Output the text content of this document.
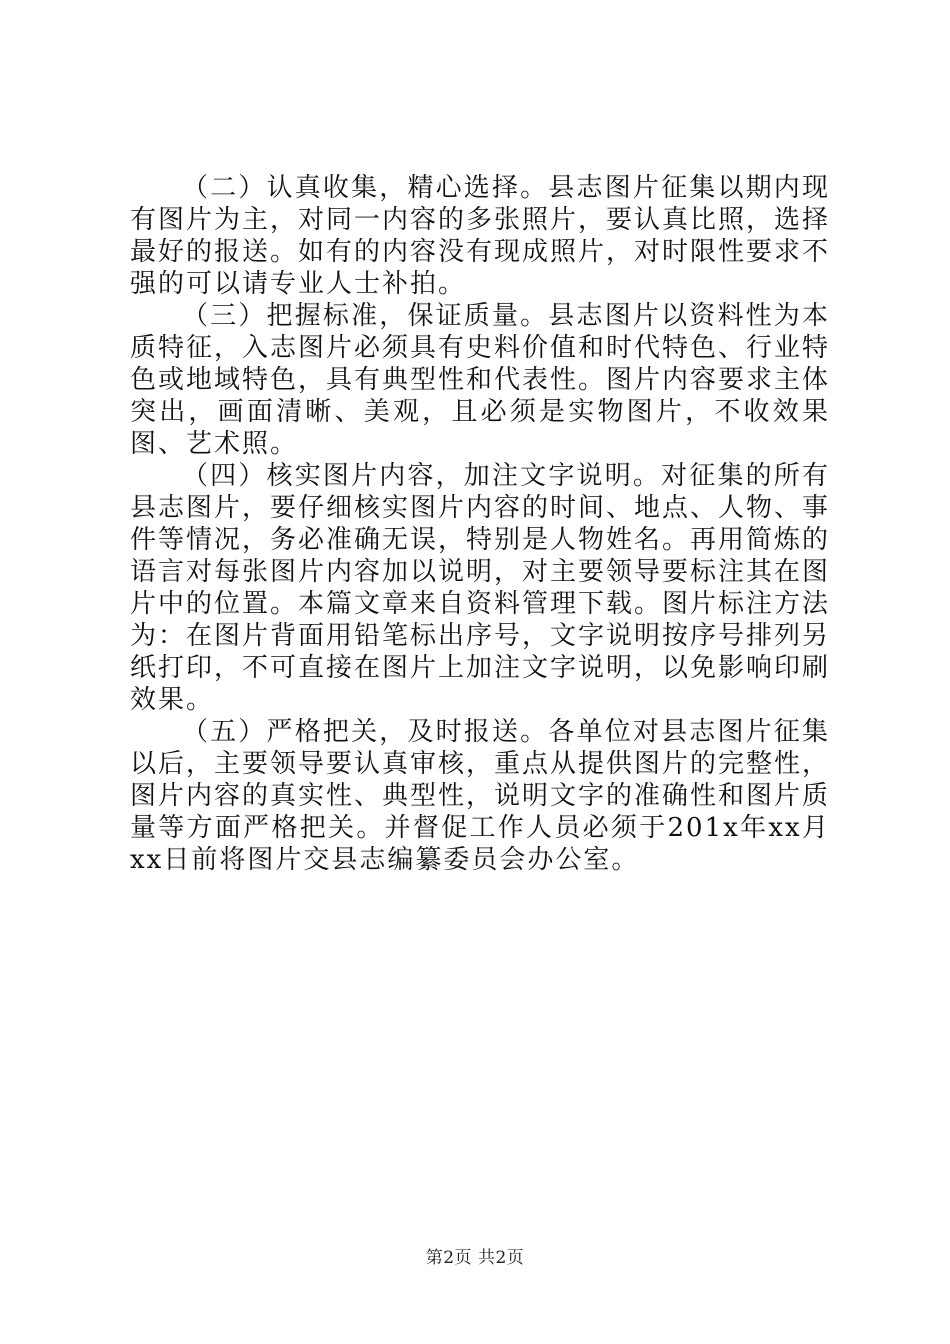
（二）认真收集，精心选择。县志图片征集以期内现有图片为主，对同一内容的多张照片，要认真比照，选择最好的报送。如有的内容没有现成照片，对时限性要求不强的可以请专业人士补拍。

（三）把握标准，保证质量。县志图片以资料性为本质特征，入志图片必须具有史料价值和时代特色、行业特色或地域特色，具有典型性和代表性。图片内容要求主体突出，画面清晰、美观，且必须是实物图片，不收效果图、艺术照。

（四）核实图片内容，加注文字说明。对征集的所有县志图片，要仔细核实图片内容的时间、地点、人物、事件等情况，务必准确无误，特别是人物姓名。再用简炼的语言对每张图片内容加以说明，对主要领导要标注其在图片中的位置。本篇文章来自资料管理下载。图片标注方法为：在图片背面用铅笔标出序号，文字说明按序号排列另纸打印，不可直接在图片上加注文字说明，以免影响印刷效果。

（五）严格把关，及时报送。各单位对县志图片征集以后，主要领导要认真审核，重点从提供图片的完整性，图片内容的真实性、典型性，说明文字的准确性和图片质量等方面严格把关。并督促工作人员必须于201x年xx月xx日前将图片交县志编纂委员会办公室。

第2页 共2页
